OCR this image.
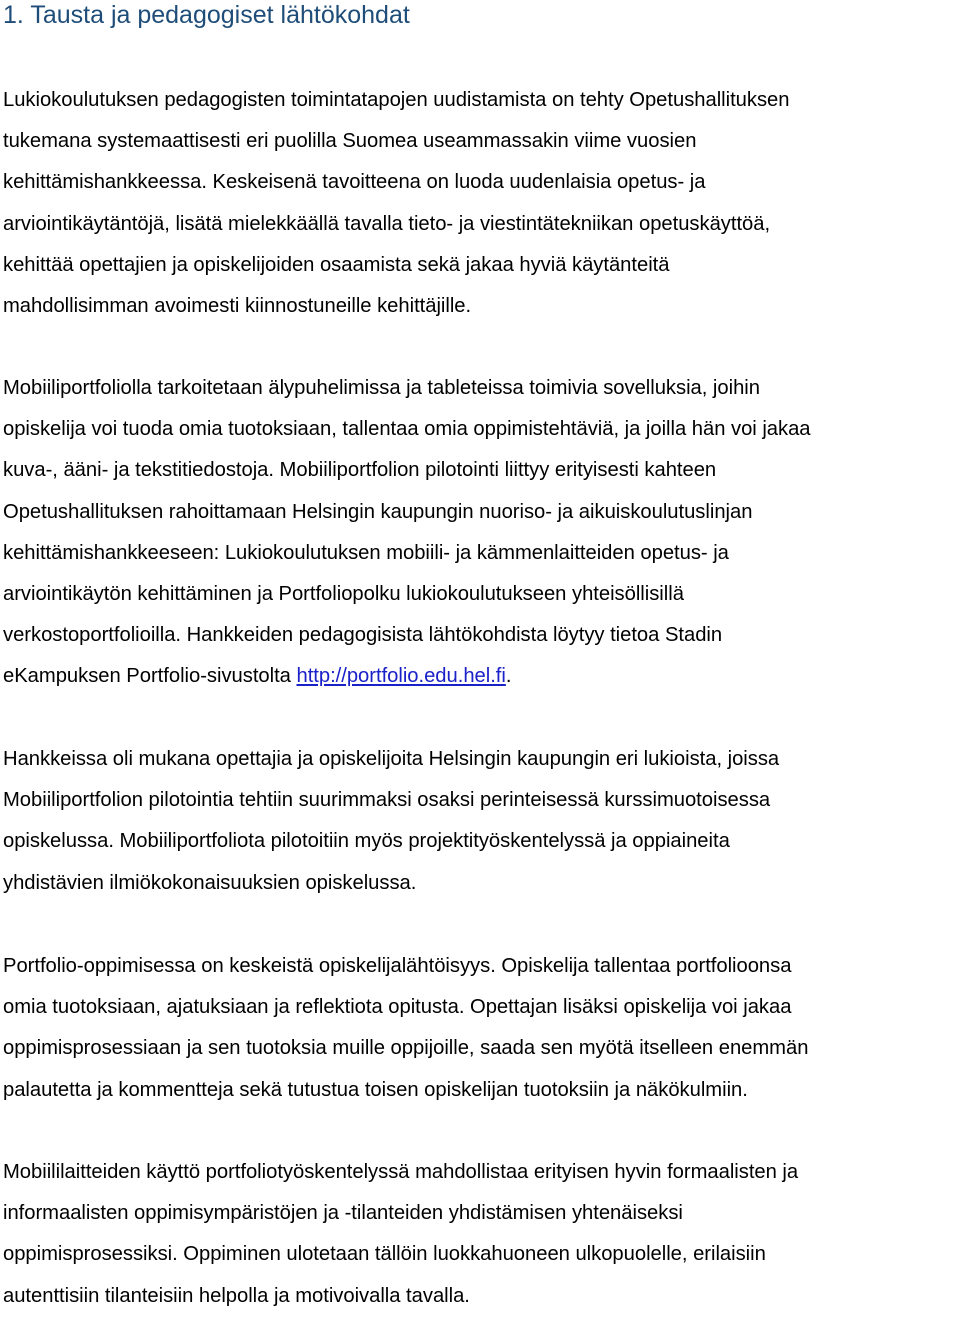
1. Tausta ja pedagogiset lähtökohdat
Lukiokoulutuksen pedagogisten toimintatapojen uudistamista on tehty Opetushallituksen
tukemana systemaattisesti eri puolilla Suomea useammassakin viime vuosien
kehittämishankkeessa. Keskeisenä tavoitteena on luoda uudenlaisia opetus- ja
arviointikäytäntöjä, lisätä mielekkäällä tavalla tieto- ja viestintätekniikan opetuskäyttöä,
kehittää opettajien ja opiskelijoiden osaamista sekä jakaa hyviä käytänteitä
mahdollisimman avoimesti kiinnostuneille kehittäjille.
Mobiiliportfoliolla tarkoitetaan älypuhelimissa ja tableteissa toimivia sovelluksia, joihin
opiskelija voi tuoda omia tuotoksiaan, tallentaa omia oppimistehtäviä, ja joilla hän voi jakaa
kuva-, ääni- ja tekstitiedostoja. Mobiiliportfolion pilotointi liittyy erityisesti kahteen
Opetushallituksen rahoittamaan Helsingin kaupungin nuoriso- ja aikuiskoulutuslinjan
kehittämishankkeeseen: Lukiokoulutuksen mobiili- ja kämmenlaitteiden opetus- ja
arviointikäytön kehittäminen ja Portfoliopolku lukiokoulutukseen yhteisöllisillä
verkostoportfolioilla. Hankkeiden pedagogisista lähtökohdista löytyy tietoa Stadin
eKampuksen Portfolio-sivustolta http://portfolio.edu.hel.fi.
Hankkeissa oli mukana opettajia ja opiskelijoita Helsingin kaupungin eri lukioista, joissa
Mobiiliportfolion pilotointia tehtiin suurimmaksi osaksi perinteisessä kurssimuotoisessa
opiskelussa. Mobiiliportfoliota pilotoitiin myös projektityöskentelyssä ja oppiaineita
yhdistävien ilmiökokonaisuuksien opiskelussa.
Portfolio-oppimisessa on keskeistä opiskelijalähtöisyys. Opiskelija tallentaa portfolioonsa
omia tuotoksiaan, ajatuksiaan ja reflektiota opitusta. Opettajan lisäksi opiskelija voi jakaa
oppimisprosessiaan ja sen tuotoksia muille oppijoille, saada sen myötä itselleen enemmän
palautetta ja kommentteja sekä tutustua toisen opiskelijan tuotoksiin ja näkökulmiin.
Mobiililaitteiden käyttö portfoliotyöskentelyssä mahdollistaa erityisen hyvin formaalisten ja
informaalisten oppimisympäristöjen ja -tilanteiden yhdistämisen yhtenäiseksi
oppimisprosessiksi. Oppiminen ulotetaan tällöin luokkahuoneen ulkopuolelle, erilaisiin
autenttisiin tilanteisiin helpolla ja motivoivalla tavalla.
